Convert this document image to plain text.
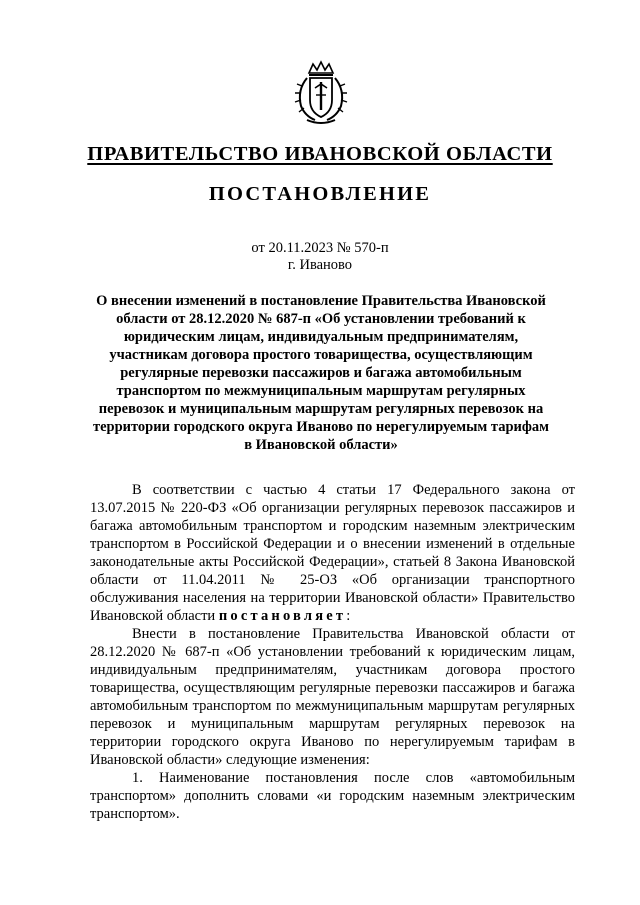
ПРАВИТЕЛЬСТВО ИВАНОВСКОЙ ОБЛАСТИ
ПОСТАНОВЛЕНИЕ
от 20.11.2023 № 570-п
г. Иваново
О внесении изменений в постановление Правительства Ивановской области от 28.12.2020 № 687-п «Об установлении требований к юридическим лицам, индивидуальным предпринимателям, участникам договора простого товарищества, осуществляющим регулярные перевозки пассажиров и багажа автомобильным транспортом по межмуниципальным маршрутам регулярных перевозок и муниципальным маршрутам регулярных перевозок на территории городского округа Иваново по нерегулируемым тарифам в Ивановской области»

В соответствии с частью 4 статьи 17 Федерального закона от 13.07.2015 № 220-ФЗ «Об организации регулярных перевозок пассажиров и багажа автомобильным транспортом и городским наземным электрическим транспортом в Российской Федерации и о внесении изменений в отдельные законодательные акты Российской Федерации», статьей 8 Закона Ивановской области от 11.04.2011 № 25-ОЗ «Об организации транспортного обслуживания населения на территории Ивановской области» Правительство Ивановской области постановляет:

Внести в постановление Правительства Ивановской области от 28.12.2020 № 687-п «Об установлении требований к юридическим лицам, индивидуальным предпринимателям, участникам договора простого товарищества, осуществляющим регулярные перевозки пассажиров и багажа автомобильным транспортом по межмуниципальным маршрутам регулярных перевозок и муниципальным маршрутам регулярных перевозок на территории городского округа Иваново по нерегулируемым тарифам в Ивановской области» следующие изменения:

1. Наименование постановления после слов «автомобильным транспортом» дополнить словами «и городским наземным электрическим транспортом».
